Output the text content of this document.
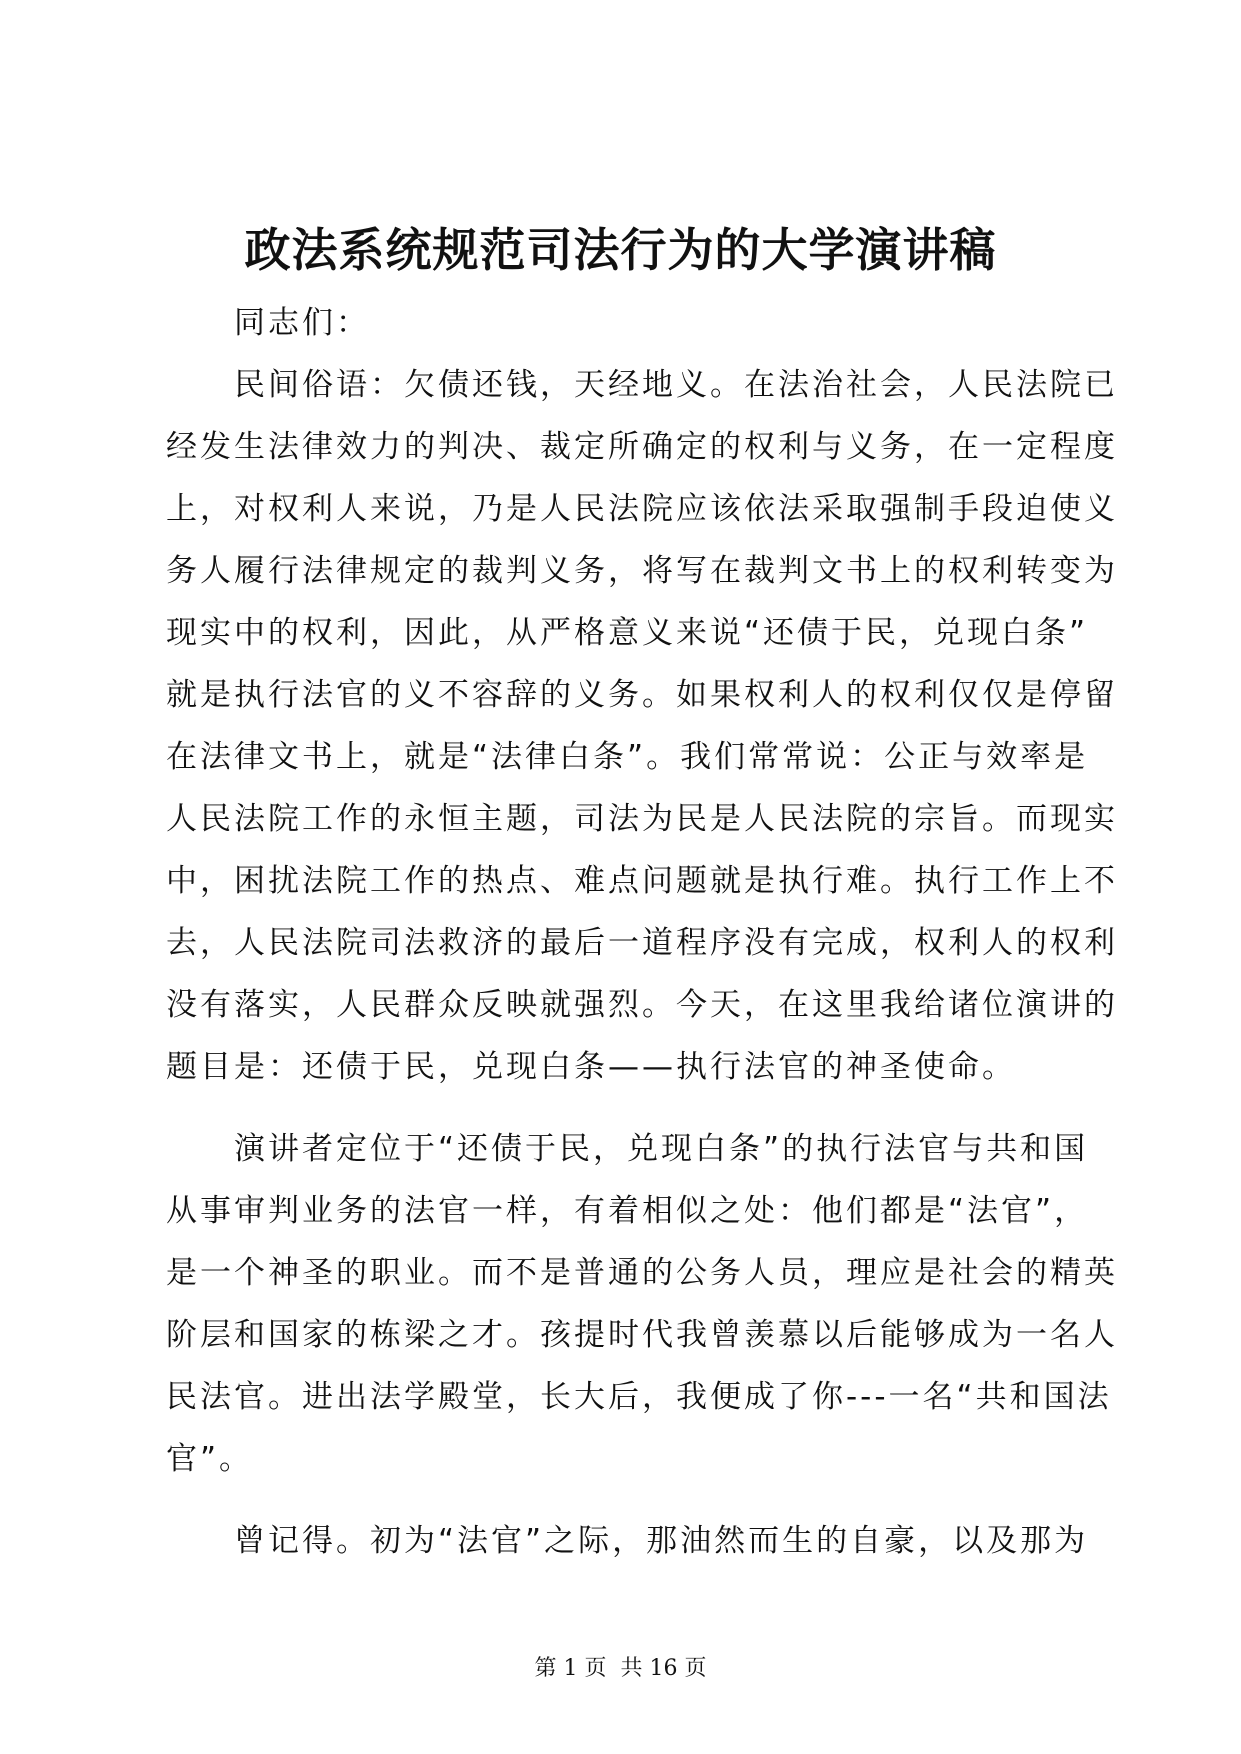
政法系统规范司法行为的大学演讲稿
同志们：
民间俗语：欠债还钱，天经地义。在法治社会，人民法院已
经发生法律效力的判决、裁定所确定的权利与义务，在一定程度
上，对权利人来说，乃是人民法院应该依法采取强制手段迫使义
务人履行法律规定的裁判义务，将写在裁判文书上的权利转变为
现实中的权利，因此，从严格意义来说“还债于民，兑现白条”
就是执行法官的义不容辞的义务。如果权利人的权利仅仅是停留
在法律文书上，就是“法律白条”。我们常常说：公正与效率是
人民法院工作的永恒主题，司法为民是人民法院的宗旨。而现实
中，困扰法院工作的热点、难点问题就是执行难。执行工作上不
去，人民法院司法救济的最后一道程序没有完成，权利人的权利
没有落实，人民群众反映就强烈。今天，在这里我给诸位演讲的
题目是：还债于民，兑现白条——执行法官的神圣使命。
演讲者定位于“还债于民，兑现白条”的执行法官与共和国
从事审判业务的法官一样，有着相似之处：他们都是“法官”，
是一个神圣的职业。而不是普通的公务人员，理应是社会的精英
阶层和国家的栋梁之才。孩提时代我曾羡慕以后能够成为一名人
民法官。进出法学殿堂，长大后，我便成了你---一名“共和国法
官”。
曾记得。初为“法官”之际，那油然而生的自豪，以及那为
第 1 页  共 16 页
